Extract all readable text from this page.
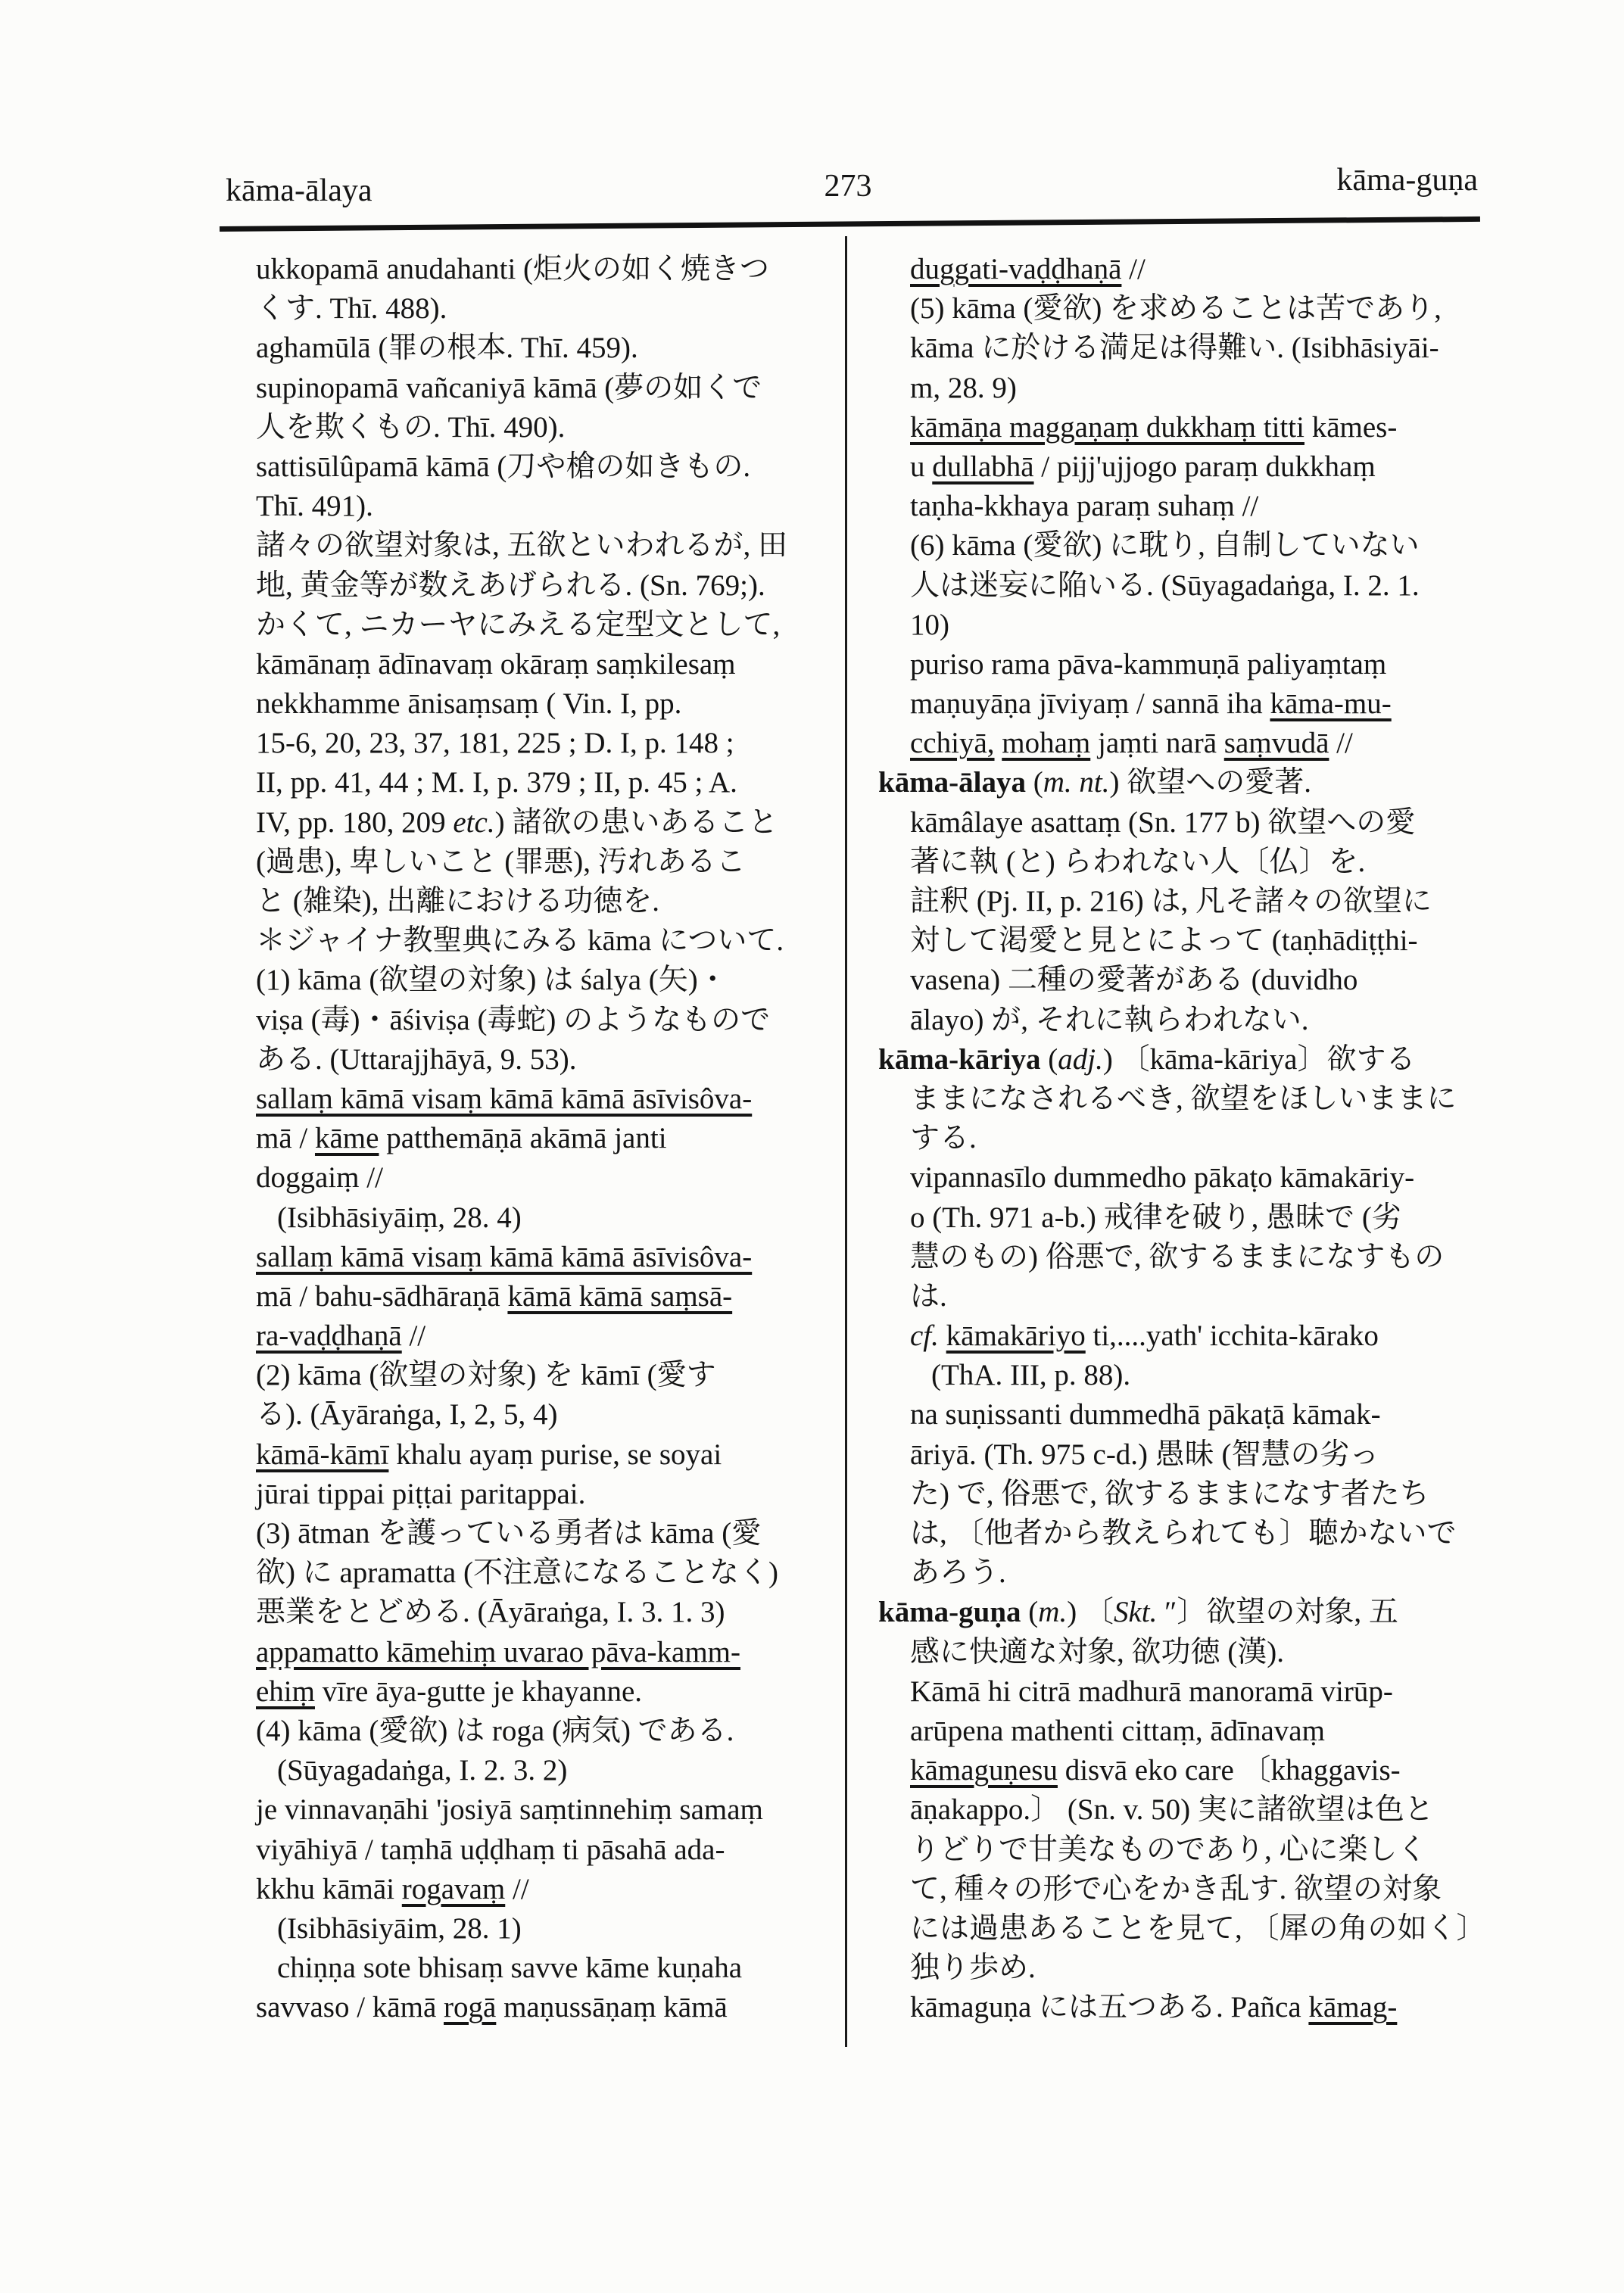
kāma-ālaya	273	kāma-guṇa
ukkopamā anudahanti (炬火の如く焼きつ
くす. Thī. 488).
aghamūlā (罪の根本. Thī. 459).
supinopamā vañcaniyā kāmā (夢の如くで
人を欺くもの. Thī. 490).
sattisūlûpamā kāmā (刀や槍の如きもの.
Thī. 491).
諸々の欲望対象は, 五欲といわれるが, 田
地, 黄金等が数えあげられる. (Sn. 769;).
かくて, ニカーヤにみえる定型文として,
kāmānaṃ ādīnavaṃ okāraṃ saṃkilesaṃ
nekkhamme ānisaṃsaṃ ( Vin. I, pp.
15-6, 20, 23, 37, 181, 225 ; D. I, p. 148 ;
II, pp. 41, 44 ; M. I, p. 379 ; II, p. 45 ; A.
IV, pp. 180, 209 etc.) 諸欲の患いあること
(過患), 卑しいこと (罪悪), 汚れあるこ
と (雑染), 出離における功徳を.
＊ジャイナ教聖典にみる kāma について.
(1) kāma (欲望の対象) は śalya (矢)・
viṣa (毒)・āśiviṣa (毒蛇) のようなもので
ある. (Uttarajjhāyā, 9. 53).
sallaṃ kāmā visaṃ kāmā kāmā āsīvisôva-
mā / kāme patthemāṇā akāmā janti
doggaiṃ //
(Isibhāsiyāiṃ, 28. 4)
sallaṃ kāmā visaṃ kāmā kāmā āsīvisôva-
mā / bahu-sādhāraṇā kāmā kāmā saṃsā-
ra-vaḍḍhaṇā //
(2) kāma (欲望の対象) を kāmī (愛す
る). (Āyāraṅga, I, 2, 5, 4)
kāmā-kāmī khalu ayaṃ purise, se soyai
jūrai tippai piṭṭai paritappai.
(3) ātman を護っている勇者は kāma (愛
欲) に apramatta (不注意になることなく)
悪業をとどめる. (Āyāraṅga, I. 3. 1. 3)
appamatto kāmehiṃ uvarao pāva-kamm-
ehiṃ vīre āya-gutte je khayanne.
(4) kāma (愛欲) は roga (病気) である.
(Sūyagadaṅga, I. 2. 3. 2)
je vinnavaṇāhi 'josiyā saṃtinnehiṃ samaṃ
viyāhiyā / taṃhā uḍḍhaṃ ti pāsahā ada-
kkhu kāmāi rogavaṃ //
(Isibhāsiyāim, 28. 1)
chiṇṇa sote bhisaṃ savve kāme kuṇaha
savvaso / kāmā rogā maṇussāṇaṃ kāmā
duggati-vaḍḍhaṇā //
(5) kāma (愛欲) を求めることは苦であり,
kāma に於ける満足は得難い. (Isibhāsiyāi-
m, 28. 9)
kāmāṇa maggaṇaṃ dukkhaṃ titti kāmes-
u dullabhā / pijj'ujjogo paraṃ dukkhaṃ
taṇha-kkhaya paraṃ suhaṃ //
(6) kāma (愛欲) に耽り, 自制していない
人は迷妄に陥いる. (Sūyagadaṅga, I. 2. 1.
10)
puriso rama pāva-kammuṇā paliyaṃtaṃ
maṇuyāṇa jīviyaṃ / sannā iha kāma-mu-
cchiyā, mohaṃ jaṃti narā saṃvudā //
kāma-ālaya (m. nt.) 欲望への愛著.
kāmâlaye asattaṃ (Sn. 177 b) 欲望への愛
著に執 (と) らわれない人〔仏〕を.
註釈 (Pj. II, p. 216) は, 凡そ諸々の欲望に
対して渇愛と見とによって (taṇhādiṭṭhi-
vasena) 二種の愛著がある (duvidho
ālayo) が, それに執らわれない.
kāma-kāriya (adj.) 〔kāma-kāriya〕欲する
ままになされるべき, 欲望をほしいままに
する.
vipannasīlo dummedho pākaṭo kāmakāriy-
o (Th. 971 a-b.) 戒律を破り, 愚昧で (劣
慧のもの) 俗悪で, 欲するままになすもの
は.
cf. kāmakāriyo ti,....yath' icchita-kārako
(ThA. III, p. 88).
na suṇissanti dummedhā pākaṭā kāmak-
āriyā. (Th. 975 c-d.) 愚昧 (智慧の劣っ
た) で, 俗悪で, 欲するままになす者たち
は, 〔他者から教えられても〕聴かないで
あろう.
kāma-guṇa (m.) 〔Skt. ″〕欲望の対象, 五
感に快適な対象, 欲功徳 (漢).
Kāmā hi citrā madhurā manoramā virūp-
arūpena mathenti cittaṃ, ādīnavaṃ
kāmaguṇesu disvā eko care 〔khaggavis-
āṇakappo.〕 (Sn. v. 50) 実に諸欲望は色と
りどりで甘美なものであり, 心に楽しく
て, 種々の形で心をかき乱す. 欲望の対象
には過患あることを見て, 〔犀の角の如く〕
独り歩め.
kāmaguṇa には五つある. Pañca kāmag-
